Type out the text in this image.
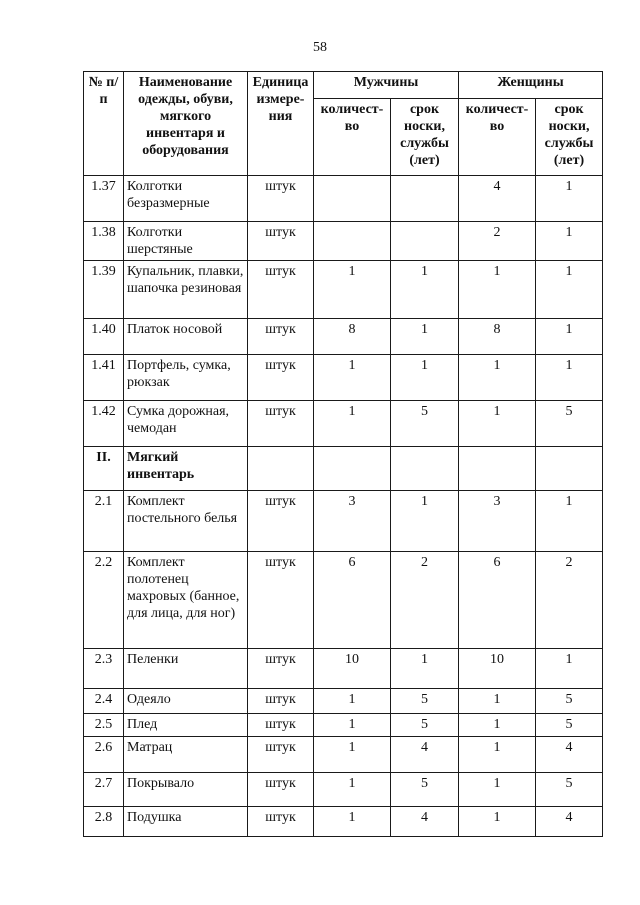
58
№ п/п	Наименование одежды, обуви, мягкого инвентаря и оборудования	Единица измере-ния	Мужчины		Женщины	
			количест-во	срок носки, службы (лет)	количест-во	срок носки, службы (лет)
1.37	Колготки безразмерные	штук			4	1
1.38	Колготки шерстяные	штук			2	1
1.39	Купальник, плавки, шапочка резиновая	штук	1	1	1	1
1.40	Платок носовой	штук	8	1	8	1
1.41	Портфель, сумка, рюкзак	штук	1	1	1	1
1.42	Сумка дорожная, чемодан	штук	1	5	1	5
II.	Мягкий инвентарь					
2.1	Комплект постельного белья	штук	3	1	3	1
2.2	Комплект полотенец махровых (банное, для лица, для ног)	штук	6	2	6	2
2.3	Пеленки	штук	10	1	10	1
2.4	Одеяло	штук	1	5	1	5
2.5	Плед	штук	1	5	1	5
2.6	Матрац	штук	1	4	1	4
2.7	Покрывало	штук	1	5	1	5
2.8	Подушка	штук	1	4	1	4
